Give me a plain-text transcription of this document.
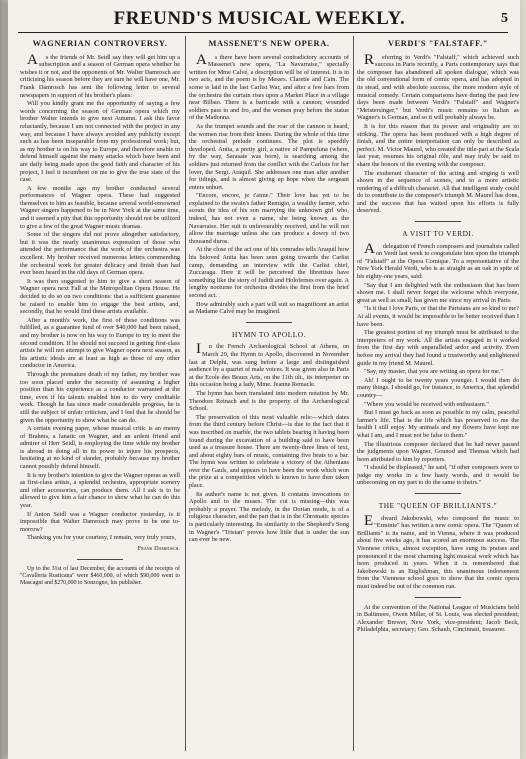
FREUND'S MUSICAL WEEKLY.	5
WAGNERIAN CONTROVERSY.

As the friends of Mr. Seidl say they will get him up a subscription and a season of German opera whether he wishes it or not, and the opponents of Mr. Walter Damrosch are criticising his season before they are sure he will have one, Mr. Frank Damrosch has sent the following letter to several newspapers in support of his brother's plans:

Will you kindly grant me the opportunity of saying a few words concerning the season of German opera which my brother Walter intends to give next Autumn. I ask this favor reluctantly, because I am not connected with the project in any way, and because I have always avoided any publicity except such as has been inseparable from my professional work; but, as my brother is on his way to Europe, and therefore unable to defend himself against the many attacks which have been and are daily being made upon the good faith and character of his project, I feel it incumbent on me to give the true state of the case.

A few months ago my brother conducted several performances of Wagner opera. These had suggested themselves to him as feasible, because several world-renowned Wagner singers happened to be in New York at the same time, and it seemed a pity that this opportunity should not be utilized to give a few of the great Wagner music dramas.

Some of the singers did not prove altogether satisfactory, but it was the nearly unanimous expression of those who attended the performance that the work of the orchestra was excellent. My brother received numerous letters commending the orchestral work for greater delicacy and finish than had ever been heard in the old days of German opera.

It was then suggested to him to give a short season of Wagner opera next Fall at the Metropolitan Opera House. He decided to do so on two conditions: that a sufficient guarantee be raised to enable him to engage the best artists, and, secondly, that he would find these artists available.

After a month's work, the first of these conditions was fulfilled, as a guarantee fund of over $40,000 had been raised, and my brother is now on his way to Europe to try to meet the second condition. If he should not succeed in getting first-class artists he will not attempt to give Wagner opera next season, as his artistic ideals are at least as high as those of any other conductor in America.

Through the premature death of my father, my brother was too soon placed under the necessity of assuming a higher position than his experience as a conductor warranted at the time, even if his talents enabled him to do very creditable work. Though he has since made considerable progress, he is still the subject of unfair criticism, and I feel that he should be given the opportunity to show what he can do.

A certain evening paper, whose musical critic is an enemy of Brahms, a fanatic on Wagner, and an ardent friend and admirer of Herr Seidl, is employing the time while my brother is abroad in doing all in its power to injure his prospects, hesitating at no kind of slander, probably because my brother cannot possibly defend himself.

It is my brother's intention to give the Wagner operas as well as first-class artists, a splendid orchestra, appropriate scenery and other accessories, can produce them. All I ask is to be allowed to give him a fair chance to show what he can do this year.

If Anton Seidl was a Wagner conductor yesterday, is it impossible that Walter Damrosch may prove to be one to-morrow?

Thanking you for your courtesy, I remain, very truly yours,

Frank Damrosch.

Up to the 31st of last December, the accounts of the receipts of "Cavalleria Rusticana" were $460,000, of which $90,000 went to Mascagni and $270,000 to Sonzogno, his publisher.

MASSENET'S NEW OPERA.

As there have been several contradictory accounts of Massenet's new opera, "La Navarraise," specially written for Mme Calvé, a description will be of interest. It is in two acts, and the poem is by Messrs. Claretie and Cain. The scene is laid in the last Carlist War, and after a few bars from the orchestra the curtain rises upon a Market Place in a village near Bilbao. There is a barricade with a cannon; wounded soldiers pass to and fro, and the women pray before the statue of the Madonna.

As the trumpet sounds and the roar of the cannon is heard, the women rise from their knees. During the whole of this time the orchestral prelude continues. The plot is speedily developed. Anita, a pretty girl, a native of Pampeluna (where, by the way, Sarasate was born), is searching among the soldiers just returned from the conflict with the Carlists for her lover, the Sergt. Araquil. She addresses one man after another for tidings, and is almost giving up hope when the sergeant enters unhurt.

"Encore, encore, je t'aime." Their love has yet to be explained to the swain's father Remigio, a wealthy farmer, who scouts the idea of his son marrying the unknown girl who, indeed, has not even a name, she being known as the Navarraise. Her suit is unfavourably received, and he will not allow the marriage unless she can produce a dowry of two thousand duros.

At the close of the act one of his comrades tells Araquil how his beloved Anita has been seen going towards the Carlist camp, demanding an interview with the Carlist chief, Zuccaraga. Here it will be perceived the librettists have something like the story of Judith and Holofernes over again. A lengthy nocturne for orchestra divides the first from the brief second act.

How admirably such a part will suit so magnificent an artist as Madame Calvé may be imagined.

HYMN TO APOLLO.

In the French Archæological School at Athens, on March 29, the Hymn to Apollo, discovered in November last at Delphi, was sung before a large and distinguished audience by a quartet of male voices. It was given also in Paris at the Ecole des Beaux Arts, on the 11th ult., its interpreter on this occasion being a lady, Mme. Jeanne Remacle.

The hymn has been translated into modern notation by Mr. Theodore Reinach and is the property of the Archæological School.

The preservation of this most valuable relic—which dates from the third century before Christ—is due to the fact that it was inscribed on marble, the two tablets bearing it having been found during the excavation of a building said to have been used as a treasure house. There are twenty-three lines of text, and about eighty bars of music, containing five beats to a bar. The hymn was written to celebrate a victory of the Athenians over the Gauls, and appears to have been the work which won the prize at a competition which is known to have then taken place.

Its author's name is not given. It contains invocations to Apollo and to the muses. The cut is missing—this was probably a prayer. The melody, in the Dorian mode, is of a religious character, and the part that is in the Chromatic species is particularly interesting. Its similarity to the Shepherd's Song in Wagner's "Tristan" proves how little that is under the sun can ever be new.

VERDI'S "FALSTAFF."

Referring to Verdi's "Falstaff," which achieved such success in Paris recently, a Paris contemporary says that the composer has abandoned all spoken dialogue, which was the old conventional form of comic opera, and has adopted in its stead, and with absolute success, the more modern style of musical comedy. Certain comparisons have during the past few days been made between Verdi's "Falstaff" and Wagner's "Meistersinger," but Verdi's music remains so Italian as Wagner's is German, and so it will probably always be.

It is for this reason that its power and originality are so striking. The opera has been produced with a high degree of finish, and the entire interpretation can only be described as perfect. M. Victor Maurel, who created the title-part at the Scala last year, resumes his original rôle, and may truly be said to share the honors of the evening with the composer.

The exuberant character of the acting and singing is well shown in the sequence of scenes, and to a more artistic rendering of a difficult character. All that intelligent study could do to contribute to the composer's triumph M. Maurel has done, and the success that has waited upon his efforts is fully deserved.

A VISIT TO VERDI.

Adelegation of French composers and journalists called on Verdi last week to congratulate him upon the triumph of "Falstaff" at the Opera Comique. To a representative of the New York Herald Verdi, who is as straight as an oak in spite of his eighty-one years, said:

"Say that I am delighted with the enthusiasm that has been shown me. I shall never forget the welcome which everyone, great as well as small, has given me since my arrival in Paris.

"Is it that I love Paris, or that the Parisians are so kind to me? At all events, it would be impossible to be better received than I have been.

The greatest portion of my triumph must be attributed to the interpreters of my work. All the artists engaged in it worked from the first day with unparalleled ardor and activity. Even before my arrival they had found a trustworthy and enlightened guide in my friend M. Maurel.

"Say, my master, that you are writing an opera for me."

Ah! I ought to be twenty years younger. I would then do many things. I should go, for instance, to America, that splendid country—

"Where you would be received with enthusiasm."

But I must go back as soon as possible to my calm, peaceful farmer's life. That is the life which has preserved to me the health I still enjoy. My animals and my flowers have kept me what I am, and I must not be false to them."

The illustrious composer declared that he had never passed the judgments upon Wagner, Gounod and Thomas which had been attributed to him by reporters.

"I should be displeased," he said, "if other composers were to judge my works in a few hasty words, and it would be unbecoming on my part to do the same to theirs."

THE "QUEEN OF BRILLIANTS."

Edward Jakobowski, who composed the music to "Erminie" has written a new comic opera. The "Queen of Brilliants" is its name, and in Vienna, where it was produced about five weeks ago, it has scored an enormous success. The Viennese critics, almost exception, have sung its praises and pronounced it the most charming light musical work which has been produced in years. When it is remembered that Jakobowski is an Englishman, this unanimous indorsement from the Viennese school goes to show that the comic opera must indeed be out of the common run.

At the convention of the National League of Musicians held in Baltimore, Owen Miller, of St. Louis, was elected president; Alexander Brewer, New York, vice-president; Jacob Beck, Philadelphia, secretary; Geo. Schaub, Cincinnati, treasurer.
